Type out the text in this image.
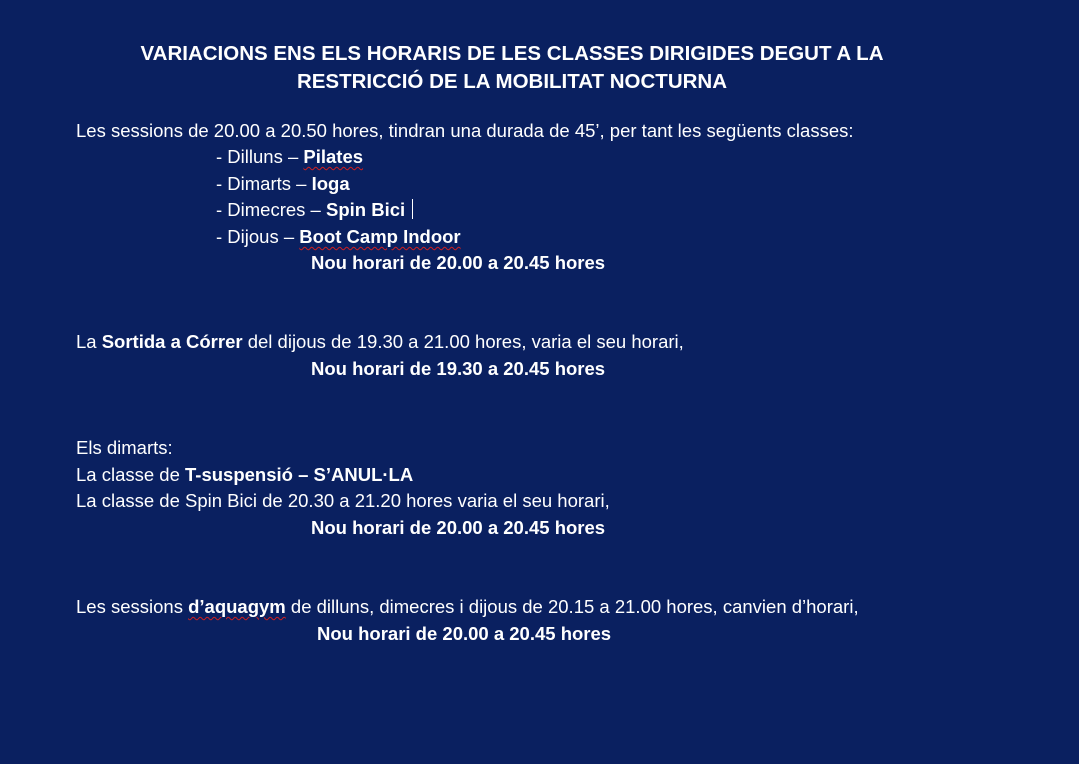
VARIACIONS ENS ELS HORARIS DE LES CLASSES DIRIGIDES DEGUT A LA
RESTRICCIÓ DE LA MOBILITAT NOCTURNA
Les sessions de 20.00 a 20.50 hores, tindran una durada de 45’, per tant les següents classes:
- Dilluns – Pilates
- Dimarts – Ioga
- Dimecres – Spin Bici
- Dijous – Boot Camp Indoor
Nou horari de 20.00 a 20.45 hores
La Sortida a Córrer del dijous de 19.30 a 21.00 hores, varia el seu horari,
Nou horari de 19.30 a 20.45 hores
Els dimarts:
La classe de T-suspensió – S’ANUL·LA
La classe de Spin Bici de 20.30 a 21.20 hores varia el seu horari,
Nou horari de 20.00 a 20.45 hores
Les sessions d’aquagym de dilluns, dimecres i dijous de 20.15 a 21.00 hores, canvien d’horari,
Nou horari de 20.00 a 20.45 hores
